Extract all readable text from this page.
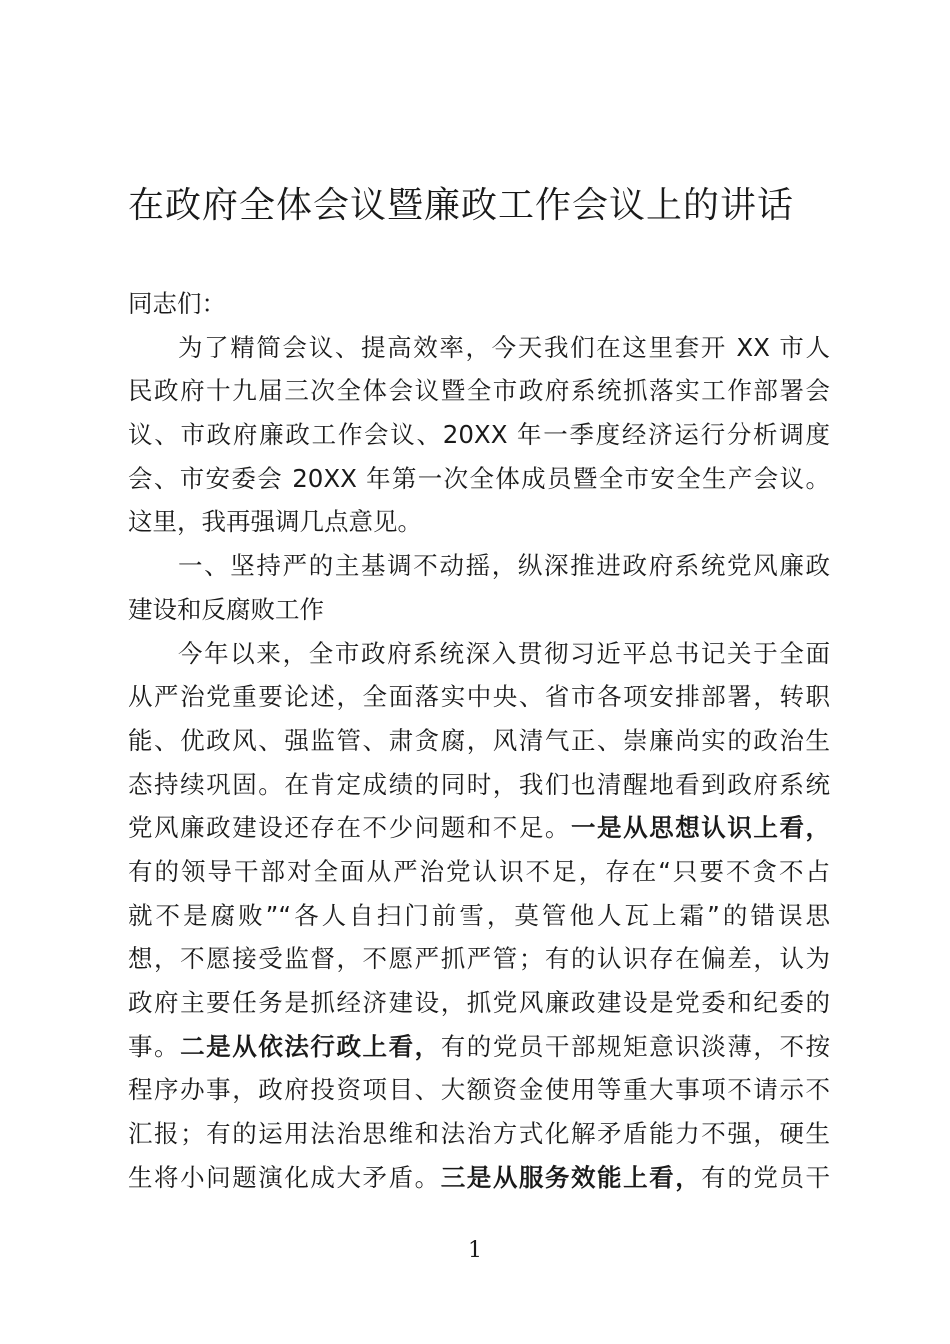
在政府全体会议暨廉政工作会议上的讲话
同志们：
为了精简会议、提高效率，今天我们在这里套开 XX 市人
民政府十九届三次全体会议暨全市政府系统抓落实工作部署会
议、市政府廉政工作会议、20XX 年一季度经济运行分析调度
会、市安委会 20XX 年第一次全体成员暨全市安全生产会议。
这里，我再强调几点意见。
一、坚持严的主基调不动摇，纵深推进政府系统党风廉政
建设和反腐败工作
今年以来，全市政府系统深入贯彻习近平总书记关于全面
从严治党重要论述，全面落实中央、省市各项安排部署，转职
能、优政风、强监管、肃贪腐，风清气正、崇廉尚实的政治生
态持续巩固。在肯定成绩的同时，我们也清醒地看到政府系统
党风廉政建设还存在不少问题和不足。一是从思想认识上看，
有的领导干部对全面从严治党认识不足，存在“只要不贪不占
就不是腐败”“各人自扫门前雪，莫管他人瓦上霜”的错误思
想，不愿接受监督，不愿严抓严管；有的认识存在偏差，认为
政府主要任务是抓经济建设，抓党风廉政建设是党委和纪委的
事。二是从依法行政上看，有的党员干部规矩意识淡薄，不按
程序办事，政府投资项目、大额资金使用等重大事项不请示不
汇报；有的运用法治思维和法治方式化解矛盾能力不强，硬生
生将小问题演化成大矛盾。三是从服务效能上看，有的党员干
1
